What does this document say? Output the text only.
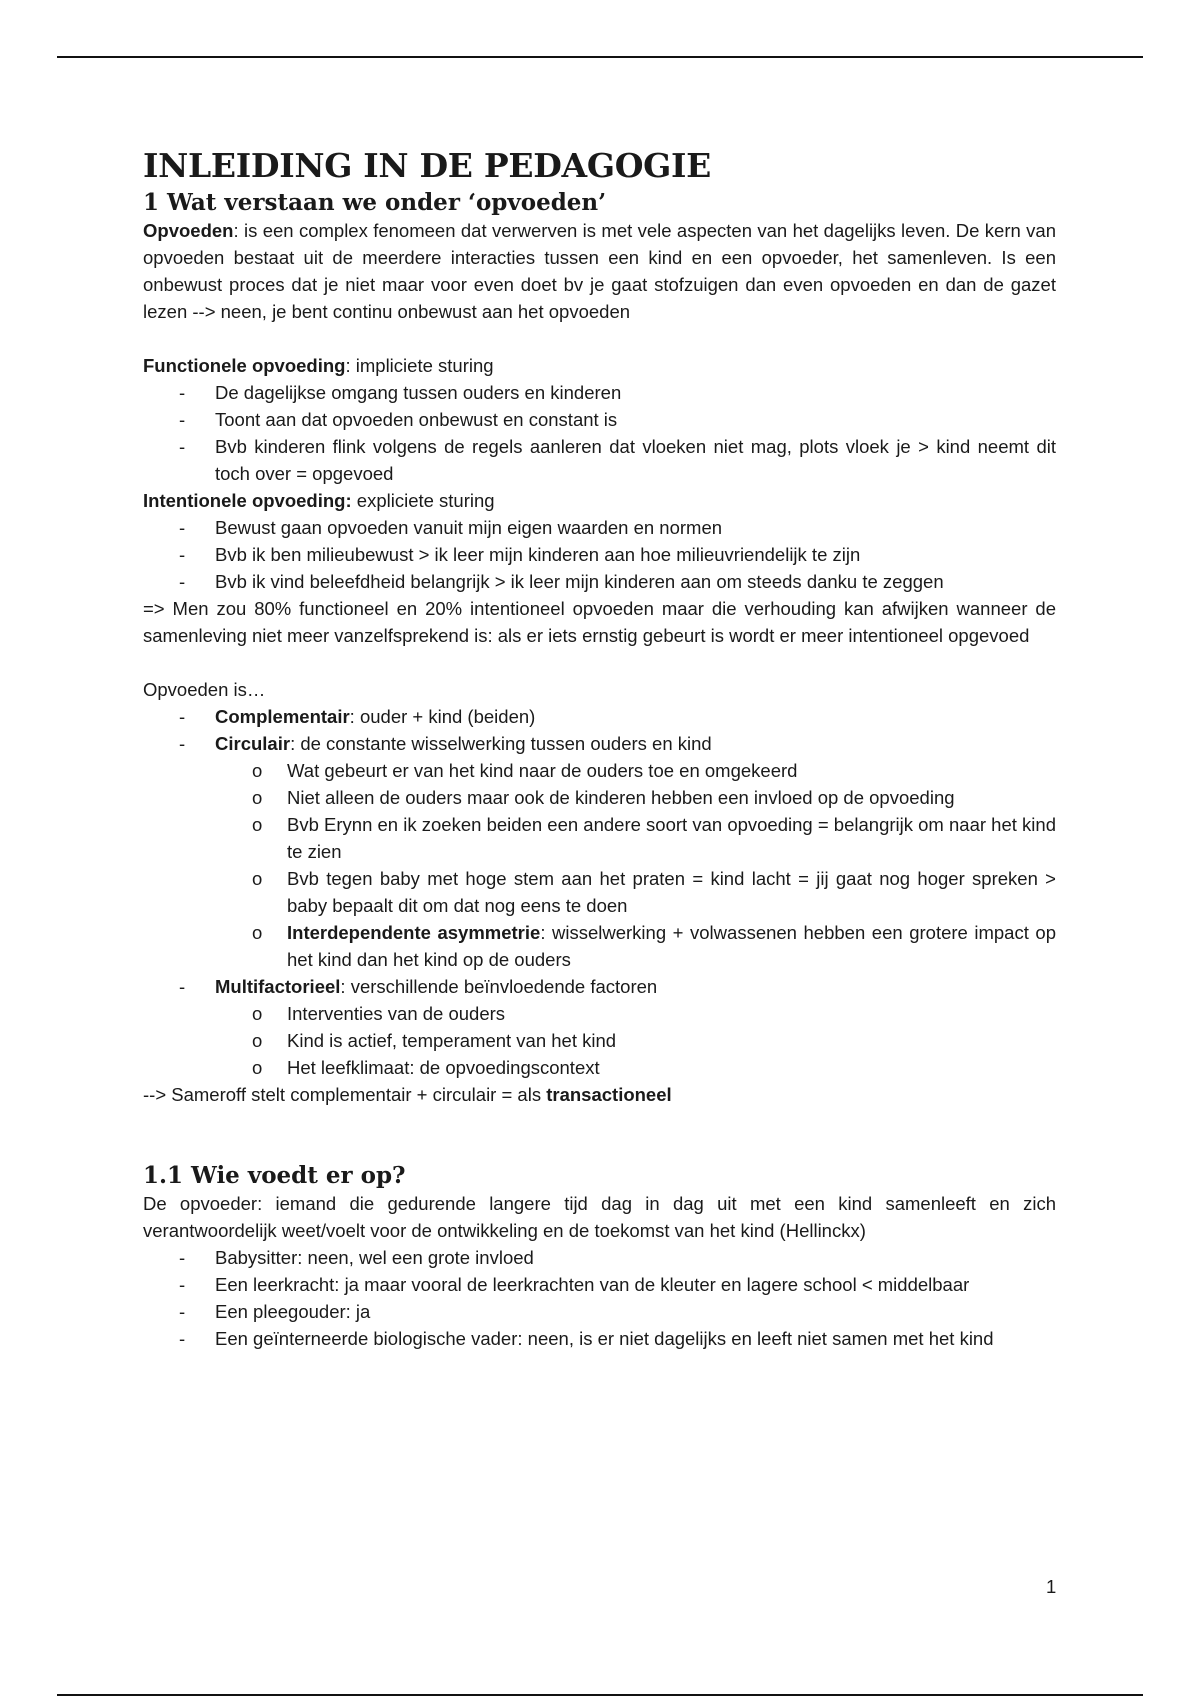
INLEIDING IN DE PEDAGOGIE
1 Wat verstaan we onder ‘opvoeden’

Opvoeden: is een complex fenomeen dat verwerven is met vele aspecten van het dagelijks leven. De kern van opvoeden bestaat uit de meerdere interacties tussen een kind en een opvoeder, het samenleven. Is een onbewust proces dat je niet maar voor even doet bv je gaat stofzuigen dan even opvoeden en dan de gazet lezen --> neen, je bent continu onbewust aan het opvoeden

Functionele opvoeding: impliciete sturing

- De dagelijkse omgang tussen ouders en kinderen
- Toont aan dat opvoeden onbewust en constant is
- Bvb kinderen flink volgens de regels aanleren dat vloeken niet mag, plots vloek je > kind neemt dit toch over = opgevoed

Intentionele opvoeding: expliciete sturing

- Bewust gaan opvoeden vanuit mijn eigen waarden en normen
- Bvb ik ben milieubewust > ik leer mijn kinderen aan hoe milieuvriendelijk te zijn
- Bvb ik vind beleefdheid belangrijk > ik leer mijn kinderen aan om steeds danku te zeggen

=> Men zou 80% functioneel en 20% intentioneel opvoeden maar die verhouding kan afwijken wanneer de samenleving niet meer vanzelfsprekend is: als er iets ernstig gebeurt is wordt er meer intentioneel opgevoed

Opvoeden is…

- Complementair: ouder + kind (beiden)
- Circulair: de constante wisselwerking tussen ouders en kind
o Wat gebeurt er van het kind naar de ouders toe en omgekeerd
o Niet alleen de ouders maar ook de kinderen hebben een invloed op de opvoeding
o Bvb Erynn en ik zoeken beiden een andere soort van opvoeding = belangrijk om naar het kind te zien
o Bvb tegen baby met hoge stem aan het praten = kind lacht = jij gaat nog hoger spreken > baby bepaalt dit om dat nog eens te doen
o Interdependente asymmetrie: wisselwerking + volwassenen hebben een grotere impact op het kind dan het kind op de ouders
- Multifactorieel: verschillende beïnvloedende factoren
o Interventies van de ouders
o Kind is actief, temperament van het kind
o Het leefklimaat: de opvoedingscontext

--> Sameroff stelt complementair + circulair = als transactioneel

1.1 Wie voedt er op?

De opvoeder: iemand die gedurende langere tijd dag in dag uit met een kind samenleeft en zich verantwoordelijk weet/voelt voor de ontwikkeling en de toekomst van het kind (Hellinckx)

- Babysitter: neen, wel een grote invloed
- Een leerkracht: ja maar vooral de leerkrachten van de kleuter en lagere school < middelbaar
- Een pleegouder: ja
- Een geïnterneerde biologische vader: neen, is er niet dagelijks en leeft niet samen met het kind
1
